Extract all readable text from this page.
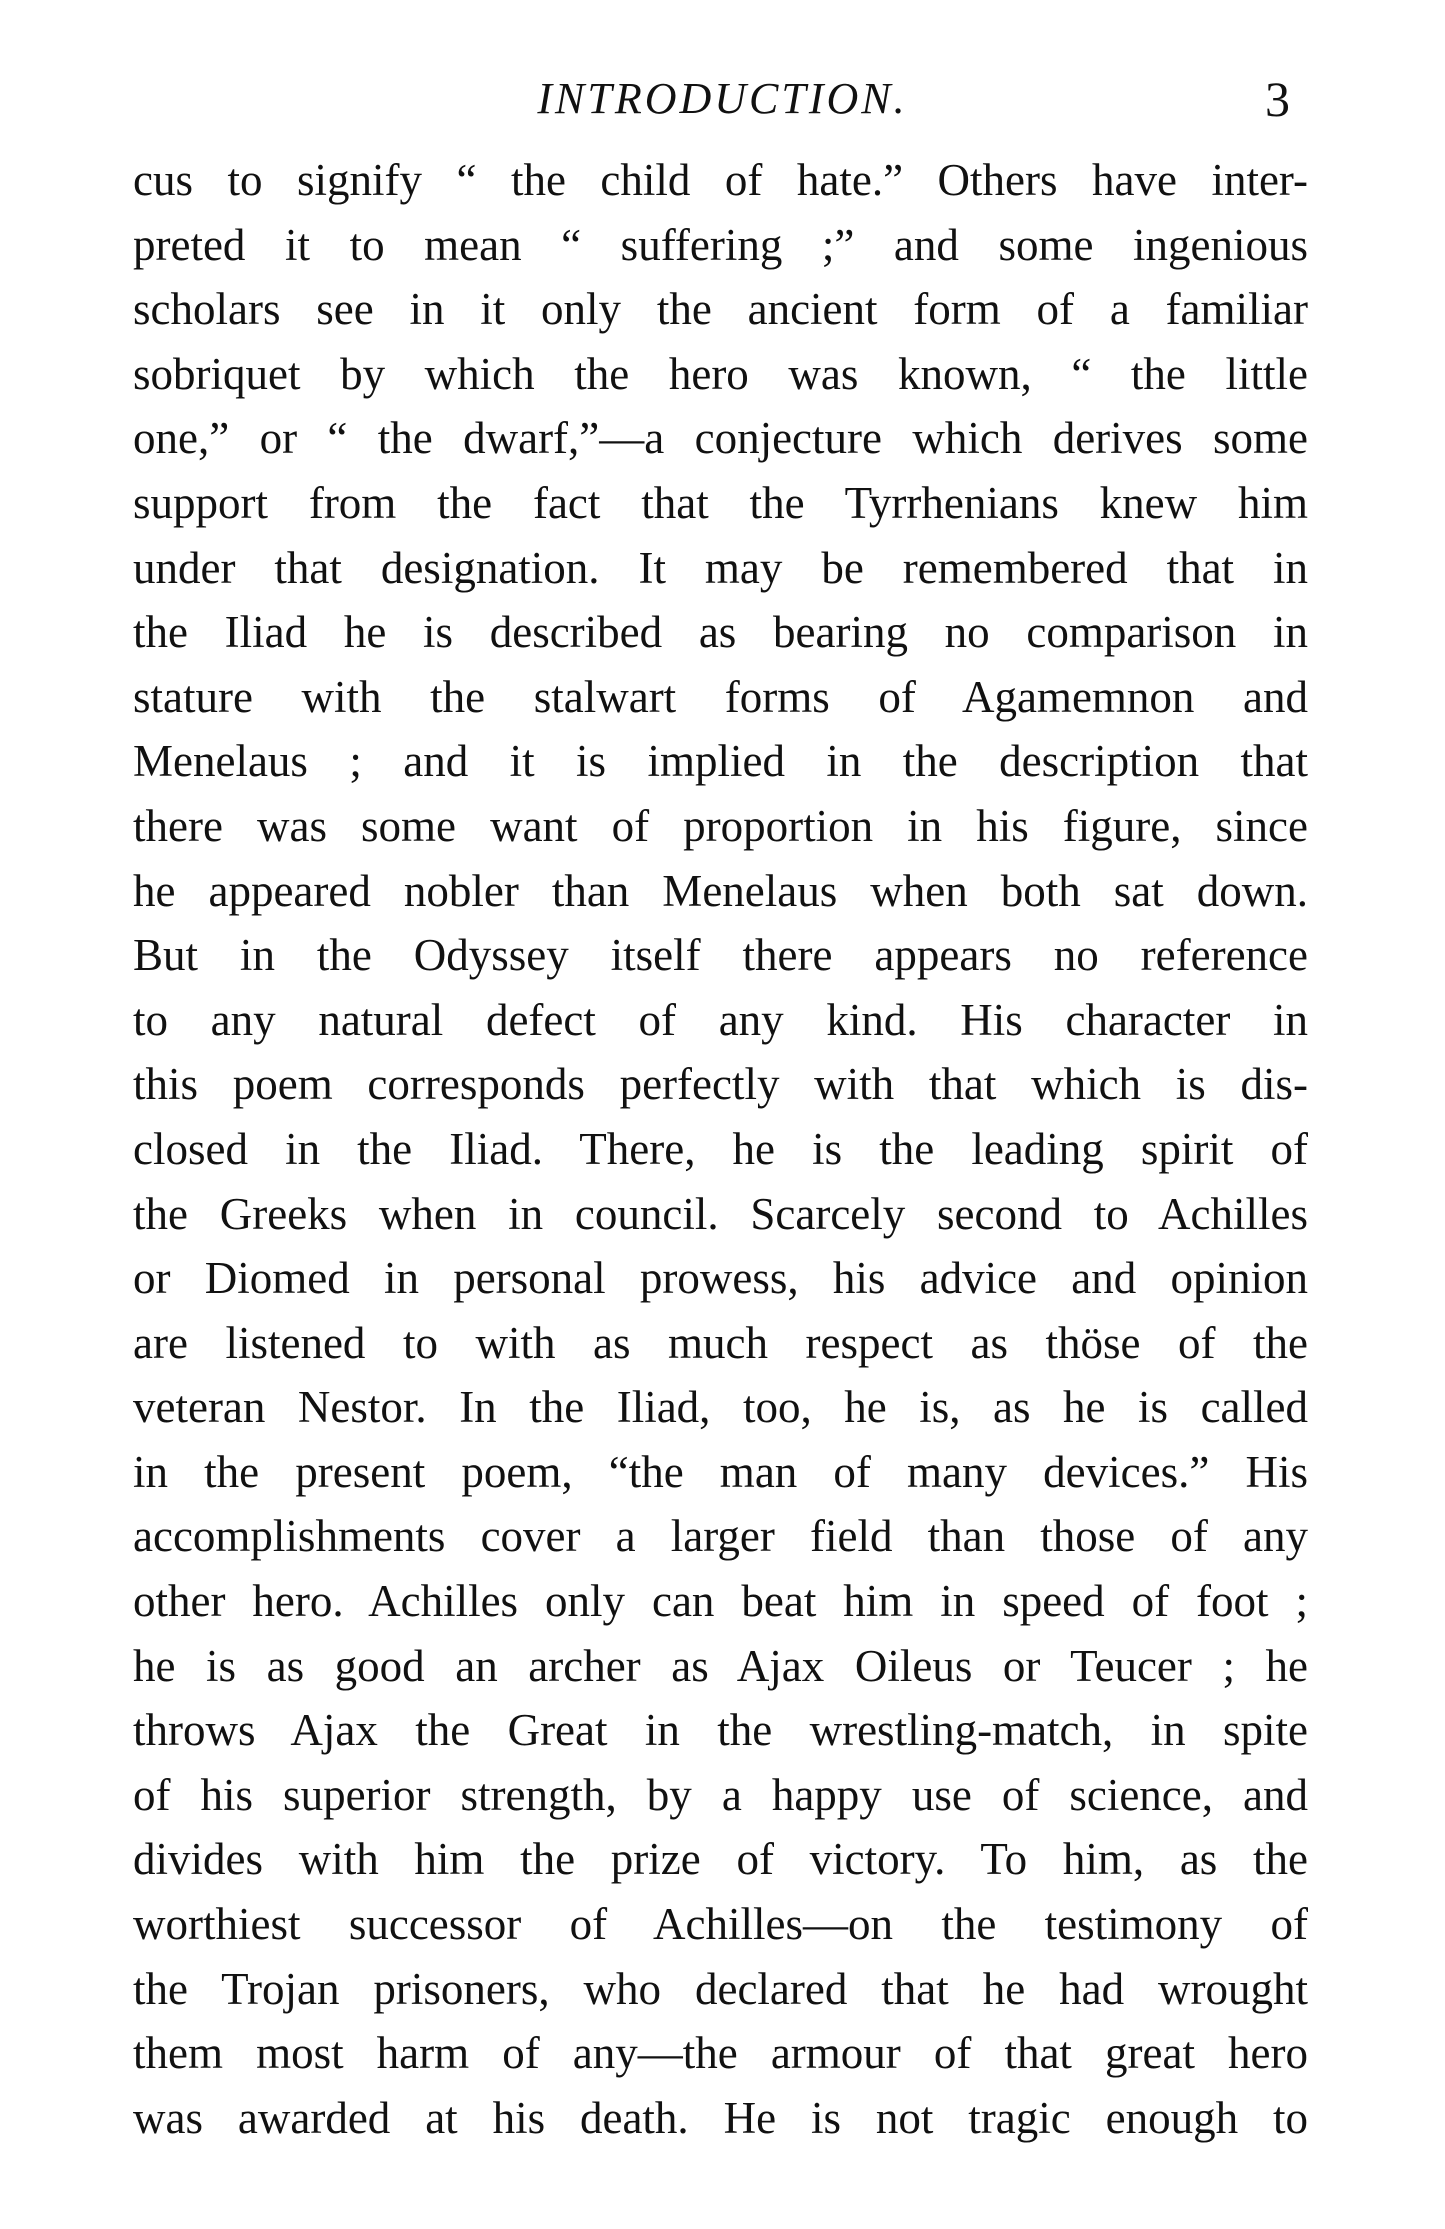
INTRODUCTION.	3
cus to signify “ the child of hate.” Others have inter-
preted it to mean “ suffering ;” and some ingenious
scholars see in it only the ancient form of a familiar
sobriquet by which the hero was known, “ the little
one,” or “ the dwarf,”—a conjecture which derives some
support from the fact that the Tyrrhenians knew him
under that designation. It may be remembered that in
the Iliad he is described as bearing no comparison in
stature with the stalwart forms of Agamemnon and
Menelaus ; and it is implied in the description that
there was some want of proportion in his figure, since
he appeared nobler than Menelaus when both sat down.
But in the Odyssey itself there appears no reference
to any natural defect of any kind. His character in
this poem corresponds perfectly with that which is dis-
closed in the Iliad. There, he is the leading spirit of
the Greeks when in council. Scarcely second to Achilles
or Diomed in personal prowess, his advice and opinion
are listened to with as much respect as thöse of the
veteran Nestor. In the Iliad, too, he is, as he is called
in the present poem, “the man of many devices.” His
accomplishments cover a larger field than those of any
other hero. Achilles only can beat him in speed of foot ;
he is as good an archer as Ajax Oileus or Teucer ; he
throws Ajax the Great in the wrestling-match, in spite
of his superior strength, by a happy use of science, and
divides with him the prize of victory. To him, as the
worthiest successor of Achilles—on the testimony of
the Trojan prisoners, who declared that he had wrought
them most harm of any—the armour of that great hero
was awarded at his death. He is not tragic enough to
